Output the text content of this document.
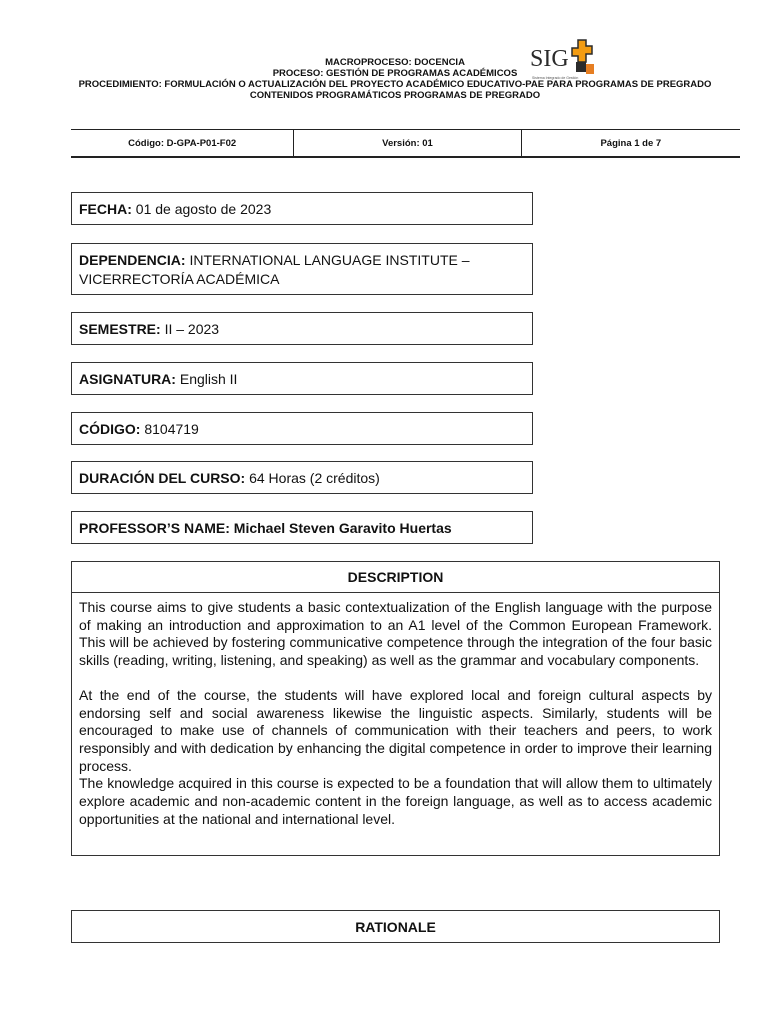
MACROPROCESO: DOCENCIA
PROCESO: GESTIÓN DE PROGRAMAS ACADÉMICOS
PROCEDIMIENTO: FORMULACIÓN O ACTUALIZACIÓN DEL PROYECTO ACADÉMICO EDUCATIVO-PAE PARA PROGRAMAS DE PREGRADO
CONTENIDOS PROGRAMÁTICOS PROGRAMAS DE PREGRADO
SIG
Sistema Integrado de Gestión
Código: D-GPA-P01-F02	Versión: 01	Página 1 de 7
FECHA: 01 de agosto de 2023
DEPENDENCIA: INTERNATIONAL LANGUAGE INSTITUTE – VICERRECTORÍA ACADÉMICA
SEMESTRE: II – 2023
ASIGNATURA: English II
CÓDIGO: 8104719
DURACIÓN DEL CURSO: 64 Horas (2 créditos)
PROFESSOR’S NAME: Michael Steven Garavito Huertas
DESCRIPTION

This course aims to give students a basic contextualization of the English language with the purpose of making an introduction and approximation to an A1 level of the Common European Framework. This will be achieved by fostering communicative competence through the integration of the four basic skills (reading, writing, listening, and speaking) as well as the grammar and vocabulary components.

At the end of the course, the students will have explored local and foreign cultural aspects by endorsing self and social awareness likewise the linguistic aspects. Similarly, students will be encouraged to make use of channels of communication with their teachers and peers, to work responsibly and with dedication by enhancing the digital competence in order to improve their learning process.

The knowledge acquired in this course is expected to be a foundation that will allow them to ultimately explore academic and non-academic content in the foreign language, as well as to access academic opportunities at the national and international level.

RATIONALE
